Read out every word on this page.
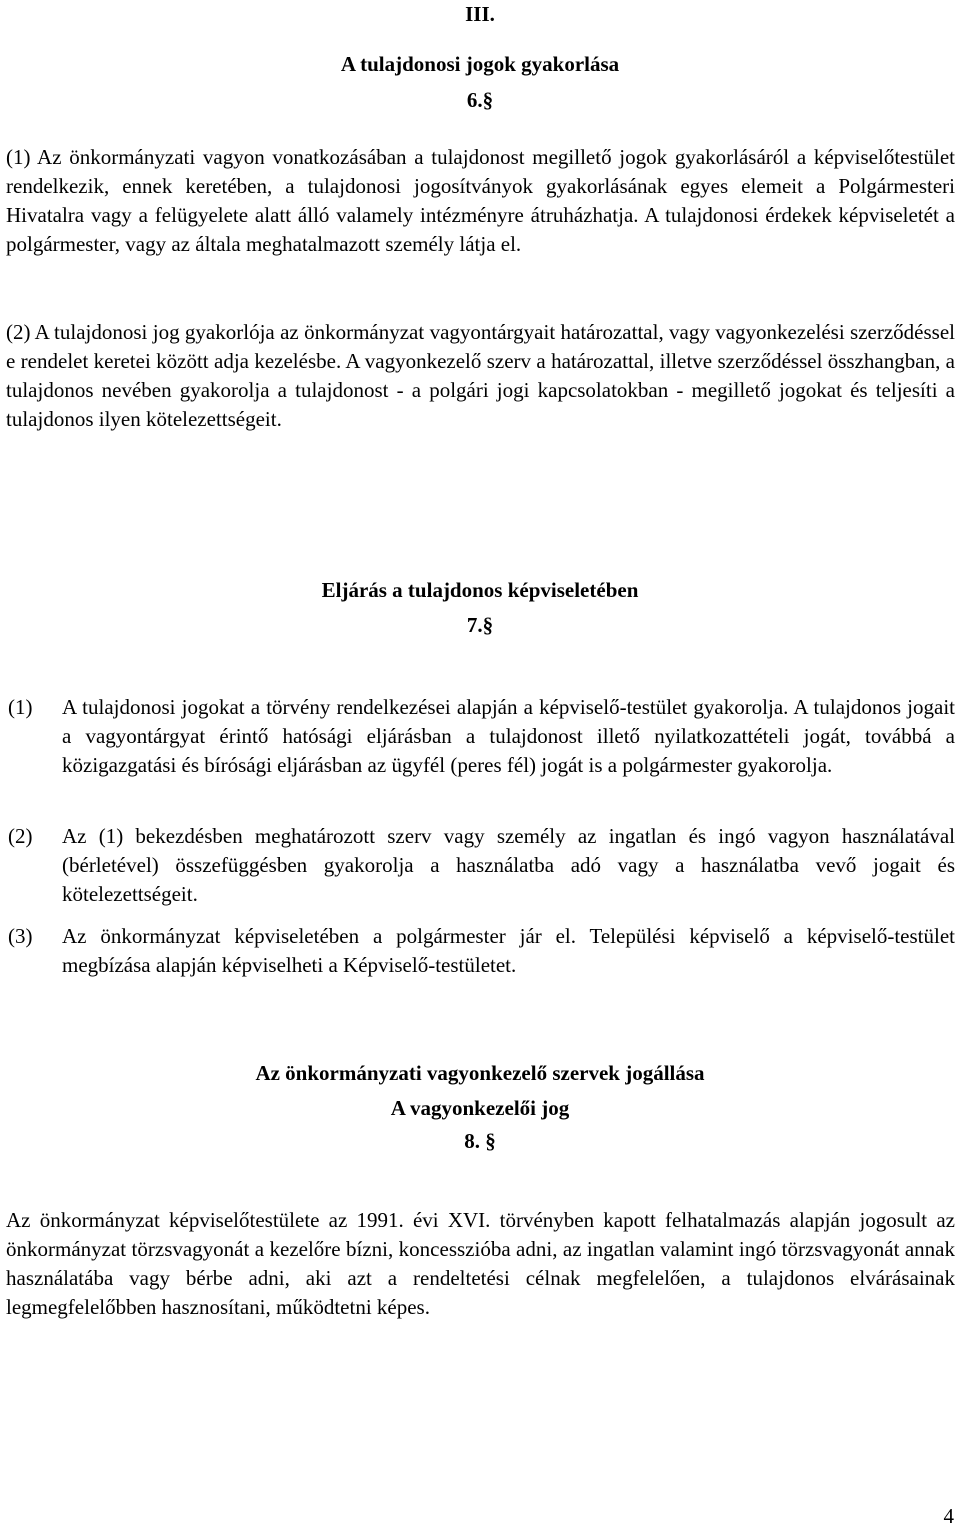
III.
A tulajdonosi jogok gyakorlása
6.§

(1) Az önkormányzati vagyon vonatkozásában a tulajdonost megillető jogok gyakorlásáról a képviselőtestület rendelkezik, ennek keretében, a tulajdonosi jogosítványok gyakorlásának egyes elemeit a Polgármesteri Hivatalra vagy a felügyelete alatt álló valamely intézményre átruházhatja. A tulajdonosi érdekek képviseletét a polgármester, vagy az általa meghatalmazott személy látja el.

(2) A tulajdonosi jog gyakorlója az önkormányzat vagyontárgyait határozattal, vagy vagyonkezelési szerződéssel e rendelet keretei között adja kezelésbe. A vagyonkezelő szerv a határozattal, illetve szerződéssel összhangban, a tulajdonos nevében gyakorolja a tulajdonost - a polgári jogi kapcsolatokban - megillető jogokat és teljesíti a tulajdonos ilyen kötelezettségeit.

Eljárás a tulajdonos képviseletében
7.§
(1) A tulajdonosi jogokat a törvény rendelkezései alapján a képviselő-testület gyakorolja. A tulajdonos jogait a vagyontárgyat érintő hatósági eljárásban a tulajdonost illető nyilatkozattételi jogát, továbbá a közigazgatási és bírósági eljárásban az ügyfél (peres fél) jogát is a polgármester gyakorolja.
(2) Az (1) bekezdésben meghatározott szerv vagy személy az ingatlan és ingó vagyon használatával (bérletével) összefüggésben gyakorolja a használatba adó vagy a használatba vevő jogait és kötelezettségeit.
(3) Az önkormányzat képviseletében a polgármester jár el. Települési képviselő a képviselő-testület megbízása alapján képviselheti a Képviselő-testületet.
Az önkormányzati vagyonkezelő szervek jogállása
A vagyonkezelői jog
8. §

Az önkormányzat képviselőtestülete az 1991. évi XVI. törvényben kapott felhatalmazás alapján jogosult az önkormányzat törzsvagyonát a kezelőre bízni, koncesszióba adni, az ingatlan valamint ingó törzsvagyonát annak használatába vagy bérbe adni, aki azt a rendeltetési célnak megfelelően, a tulajdonos elvárásainak legmegfelelőbben hasznosítani, működtetni képes.

4
